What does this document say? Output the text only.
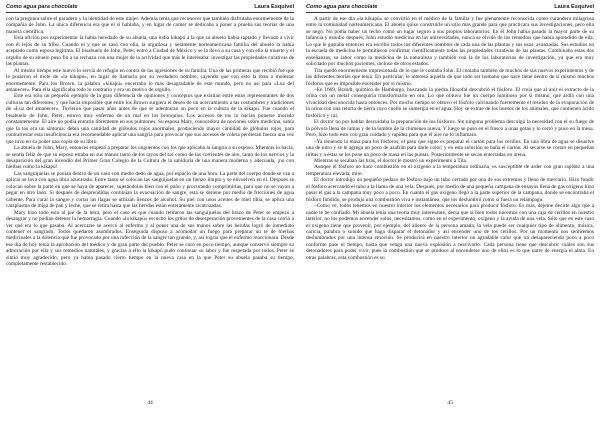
Como agua para chocolate	Laura Esquivel

con la pregunta sobre el paradero y la identidad de este mujer. Además tenía que reconocer que también disfrutaba enormemente de la compañía de John. La única diferencia era que el sí hablaba, y en lugar de comer se dedicaba a poner a prueba sus teorías de una manera científica.

Esta afición por experimentar la había heredado de su abuela, una india kikapú a la que su abuelo había raptado y llevado a vivir con él lejos de su tribu. Cuando el y que se casó con ella, la orgullosa y netamente norteamericana familia del abuelo la había aceptado como esposa legítima. El bisabuelo de John, Peter, entró a Ciudad de México y se la llevó a su casa y con ella la muerte y el orgullo de su abuelo puso fin a su rechazo con una mujer de la actividad que más le interesaba: investigar las propiedades curativas de las plantas.

Al mismo tiempo este nuevo lo servía de refugio en contra de las agresiones de su familia. Una de las primeras que recibió fue que le pusieron el mote de «la kikapú», en lugar de llamarla por su verdadero nombre, cayendo que con esto la iban a molestar enormemente. Para los Brown, la palabra «kikapú» encerraba lo más desagradable de este mundo, pero no así para «Luz del amanecer». Para ella significaba todo lo contrario y era un motivo de orgullo.

Este era sólo un pequeño ejemplo de la gran diferencia de opiniones y conceptos que existían entre estos representantes de dos culturas tan diferentes, y que hacía imposible que entre los Brown surgiera el deseo de un acercamiento a las costumbres y tradiciones de «Luz del amanecer». Tuvieron que pasar años antes de que se adentraran un poco en la cultura de la kikapú. Fue cuando el bisabuelo de John, Peter, estuvo muy enfermo de un mal en los bronquios. Los accesos de tos lo hacían ponerse morado constantemente. El aire no podía entrarle libremente en sus pulmones. Su esposa Mary, conocedora de nociones sobre medicina, sabía que la tos era un síntoma: debía una cantidad de glóbulos rojos anormales, produciendo mayor cantidad de glóbulos rojos, para contrarrestar esta insuficiencia era recomendable aplicar una sangría para provocar que sus accesos de cólera perdieran fuerza una vez que tuvo en su poder una copia de su libro.

La abuela de John, Mary, entonces empezó a preparar los unguentos con los que aplicaba la sangría a su esposo. Mientras lo hacía, se sentía feliz de que su esposo estaba en sus manos tanto de los rayos del sol como de las corrientes de aire, tanto de los nervios y la desaparición del gran incendio del Primer Gran Colegio de la Cultura de la sabiduría de una manera moderna y adecuada, ¡no con hierbas como la kikapú!

Las sanguijuelas se ponían dentro de un vaso con medio dedo de agua, por espacio de una hora. La parte del cuerpo donde se van a aplicar se lava con agua tibia azucarada. Entre tanto se colocan las sanguijuelas en un lienzo limpio y se envuelven en él. Después se colocan sobre la parte en que se haya de aparecer, sujetándolas bien con el paño y procurando comprimirlas, para que no se vayan a pegar en otro lado. Si después de desprendidas continúan la evacuación de sangre, esta se detiene por medio de fricciones de agua caliente. Para curar la sangre y cortar las llagas se utilizan lienzos de alcohol. Su piel con unos aceites de miel tibia, se aplica una cataplasma de miga de pan y leche, que se retira hasta que las heridas están enteramente cicatrizadas.

Mary hizo todo esto al pie de la letra, pero el caso es que cuando retiraron las sanguijuelas del brazo de Peter se empezó a desangrar y no podían detener la hemorragia. Cuando «la kikapú» escuchó los gritos de desesperación provenientes de la casa corrió a ver qué era lo que pasaba. Al acercarse se acercó al enfermo y al poner una de sus manos sobre las heridas logró de inmediato contener el sangrado. Todos quedaron asombrados. Enseguida dispuso a acomodar un fuego para preparar un té de hierbas medicinales a la dolencia que fue provocado por una infección de la sangre tan grande, y, así lograr que el enfermo reaccionara. Desde ese día de hoy tenía la aprobación del médico y de gran parte del pueblo. Peter se curó en poco tiempo, aunque conservó siempre su admiración por ella y sus remedios naturales, y gracias a ello la kikapú pudo continuar su labor y fue respetada por todos. Peter se sintió muy agradecido, pero ya había pasado cierto tiempo en la nueva casa en la que Peter su abuela pasaba su tiempo, completamente restablecido.

44
Como agua para chocolate	Laura Esquivel

A partir de ese día «la kikapú» se convirtió en el médico de la familia y fue plenamente reconocida como curandera milagrosa entre la comunidad norteamericana. El abuelo quiso construirle un sitio más grande para que practicara sus investigaciones, pero ella se negó. No podía haber un techo como un lugar seguro a sus propios laboratorios. En él John había pasado la mayor parte de su infancia y estudio después, John estudió medicina en las universidades, nunca se olvidó de los remedios que había aprendido de ella. Lo que le gustaba entonces era escribir todos los diferentes nombres de cada una de las plantas y sus usos, avanzadas. Sus estudios en la escuela de medicina le permitieron confirmar científicamente todas las propiedades curativas de las plantas. Combinaba estas dos enseñanzas, su labor como la medicina de la naturaleza y también con la de los laboratorios de investigación, ya que era muy solicitado por muchos pacientes, incluso de otros estados.

Tita quedó enormemente impresionada de lo que le contaba John. El contaba también de muchos de sus nuevos experimentos y de las diferentes teorías que tenía. En particular, le interesó aquella de que todo ser humano que nace tiene dentro de sí mismo muchos fósforos que es imposible encender por sí mismo.

–En 1669, Brandt, químico de Hamburgo, buscando la piedra filosofal descubrió el fósforo. El creía que al unir el extracto de la orina con un metal conseguiría transformarlo en oro. Lo que obtuvo fue un cuerpo luminoso por sí mismo, que ardía con una vivacidad desconocida hasta entonces. Por mucho tiempo se obtuvo el fósforo calcinando fuertemente el residuo de la evaporación de la orina con una retorta de tierra cuyo cuello se sumergía en el agua. Hoy se extrae de los huesos de los animales, que contienen ácido fosfórico y cal.

El doctor no por hablar descuidaba la preparación de los fósforos. Sin ninguna problema descolgó la necesidad con el su fuego de la pólvora llena de ramas y de la lumbre de la chimenea nueva. Y luego se puso en el frasco a unas gotas y lo cerró y puso en la mesa. Pero, hizo todo esto con gran cuidado y rapidez para que el aire no lo inflamara.

–Ya teniendo la masa para los fósforos, el paso que sigue es preparar el cartón para los cerillos. En una libra de agua se disuelve una de nitro y se le agrega un poco de azafrán para darle color; y en esta solución se baña el cartón. Al secarse se cortan en pequeñas tiritas y a éstas se les pone un poco de masa en las puntas. Posteriormente se secan enterradas en arena.

Mientras se secaban las tiras, el doctor le mostró un experimento a Tita.

Aunque el fósforo no hace combustión en el oxígeno a la temperatura ordinaria, es susceptible de arder con gran rapidez a una temperatura elevada, mire.

El doctor introdujo un pequeño pedazo de fósforo bajo un tubo cerrado por una de sus extremos y lleno de mercurio. Hizo fundir el fósforo acercando el tubo a la llama de una vela. Después, por medio de una pequeña campana de ensayos llena de gas oxígeno hizo pasar el gas a la campana muy poco a poco. En cuanto el gas oxígeno llegó a la parte superior de la campana, donde se encontraba el fósforo fundido, se produjo una combustión viva e instantánea, que los deslumbró como si fuera un relámpago.

–Como ve, todos tenemos en nuestro interior los elementos necesarios para producir fósforo. Es más, déjeme decirle algo que a nadie le he confiado. Mi abuela tenía una teoría muy interesante, decía que si bien todos nacemos con una caja de cerillos en nuestro interior, no los podemos encender solos, necesitamos, como en el experimento, oxígeno y la ayuda de una vela. Sólo que en este caso el oxígeno tiene que provenir, por ejemplo, del aliento de la persona amada; la vela puede ser cualquier tipo de alimento, música, caricia, palabra o sonido que haga disparar el detonador y así encender uno de los cerillos. Por un momento nos sentiremos deslumbrados por una intensa emoción. Se producirá en nuestro interior un agradable calor que irá desapareciendo poco a poco conforme pase el tiempo, hasta que venga una nueva explosión a reavivarlo. Cada persona tiene que descubrir cuáles son sus detonadores para poder vivir, pues la combustión que se produce al encenderse uno de ellos es lo que nutre de energía el alma. En otras palabras, esta combustión es su

45
